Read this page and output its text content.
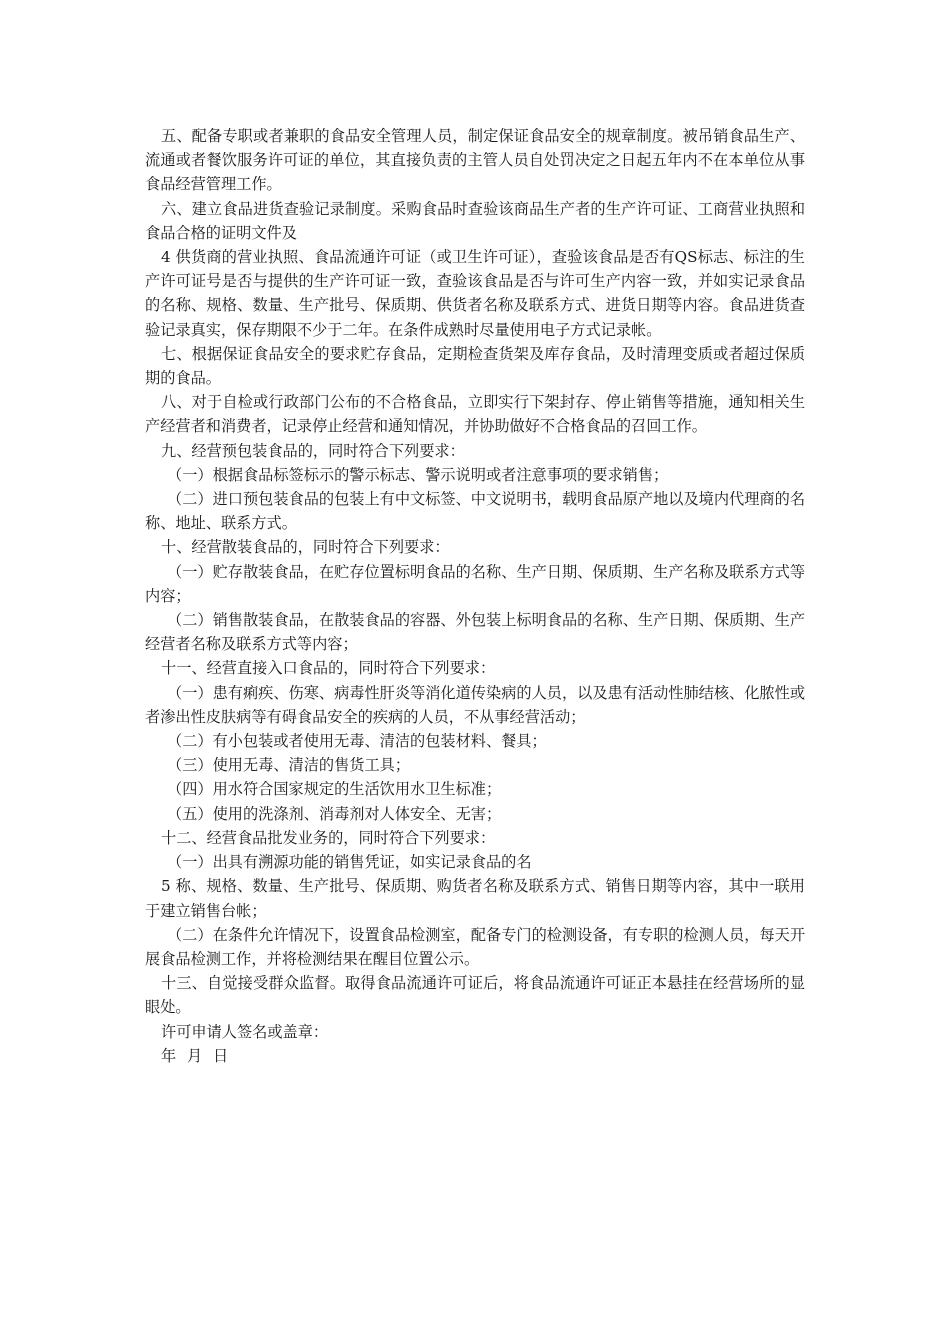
五、配备专职或者兼职的食品安全管理人员，制定保证食品安全的规章制度。被吊销食品生产、流通或者餐饮服务许可证的单位，其直接负责的主管人员自处罚决定之日起五年内不在本单位从事食品经营管理工作。

六、建立食品进货查验记录制度。采购食品时查验该商品生产者的生产许可证、工商营业执照和食品合格的证明文件及

4 供货商的营业执照、食品流通许可证（或卫生许可证），查验该食品是否有QS标志、标注的生产许可证号是否与提供的生产许可证一致，查验该食品是否与许可生产内容一致，并如实记录食品的名称、规格、数量、生产批号、保质期、供货者名称及联系方式、进货日期等内容。食品进货查验记录真实，保存期限不少于二年。在条件成熟时尽量使用电子方式记录帐。

七、根据保证食品安全的要求贮存食品，定期检查货架及库存食品，及时清理变质或者超过保质期的食品。

八、对于自检或行政部门公布的不合格食品，立即实行下架封存、停止销售等措施，通知相关生产经营者和消费者，记录停止经营和通知情况，并协助做好不合格食品的召回工作。

九、经营预包装食品的，同时符合下列要求：

（一）根据食品标签标示的警示标志、警示说明或者注意事项的要求销售；

（二）进口预包装食品的包装上有中文标签、中文说明书，载明食品原产地以及境内代理商的名称、地址、联系方式。

十、经营散装食品的，同时符合下列要求：

（一）贮存散装食品，在贮存位置标明食品的名称、生产日期、保质期、生产名称及联系方式等内容；

（二）销售散装食品，在散装食品的容器、外包装上标明食品的名称、生产日期、保质期、生产经营者名称及联系方式等内容；

十一、经营直接入口食品的，同时符合下列要求：

（一）患有痢疾、伤寒、病毒性肝炎等消化道传染病的人员，以及患有活动性肺结核、化脓性或者渗出性皮肤病等有碍食品安全的疾病的人员，不从事经营活动；

（二）有小包装或者使用无毒、清洁的包装材料、餐具；

（三）使用无毒、清洁的售货工具；

（四）用水符合国家规定的生活饮用水卫生标准；

（五）使用的洗涤剂、消毒剂对人体安全、无害；

十二、经营食品批发业务的，同时符合下列要求：

（一）出具有溯源功能的销售凭证，如实记录食品的名

5 称、规格、数量、生产批号、保质期、购货者名称及联系方式、销售日期等内容，其中一联用于建立销售台帐；

（二）在条件允许情况下，设置食品检测室，配备专门的检测设备，有专职的检测人员，每天开展食品检测工作，并将检测结果在醒目位置公示。

十三、自觉接受群众监督。取得食品流通许可证后，将食品流通许可证正本悬挂在经营场所的显眼处。

许可申请人签名或盖章：

年 月 日
